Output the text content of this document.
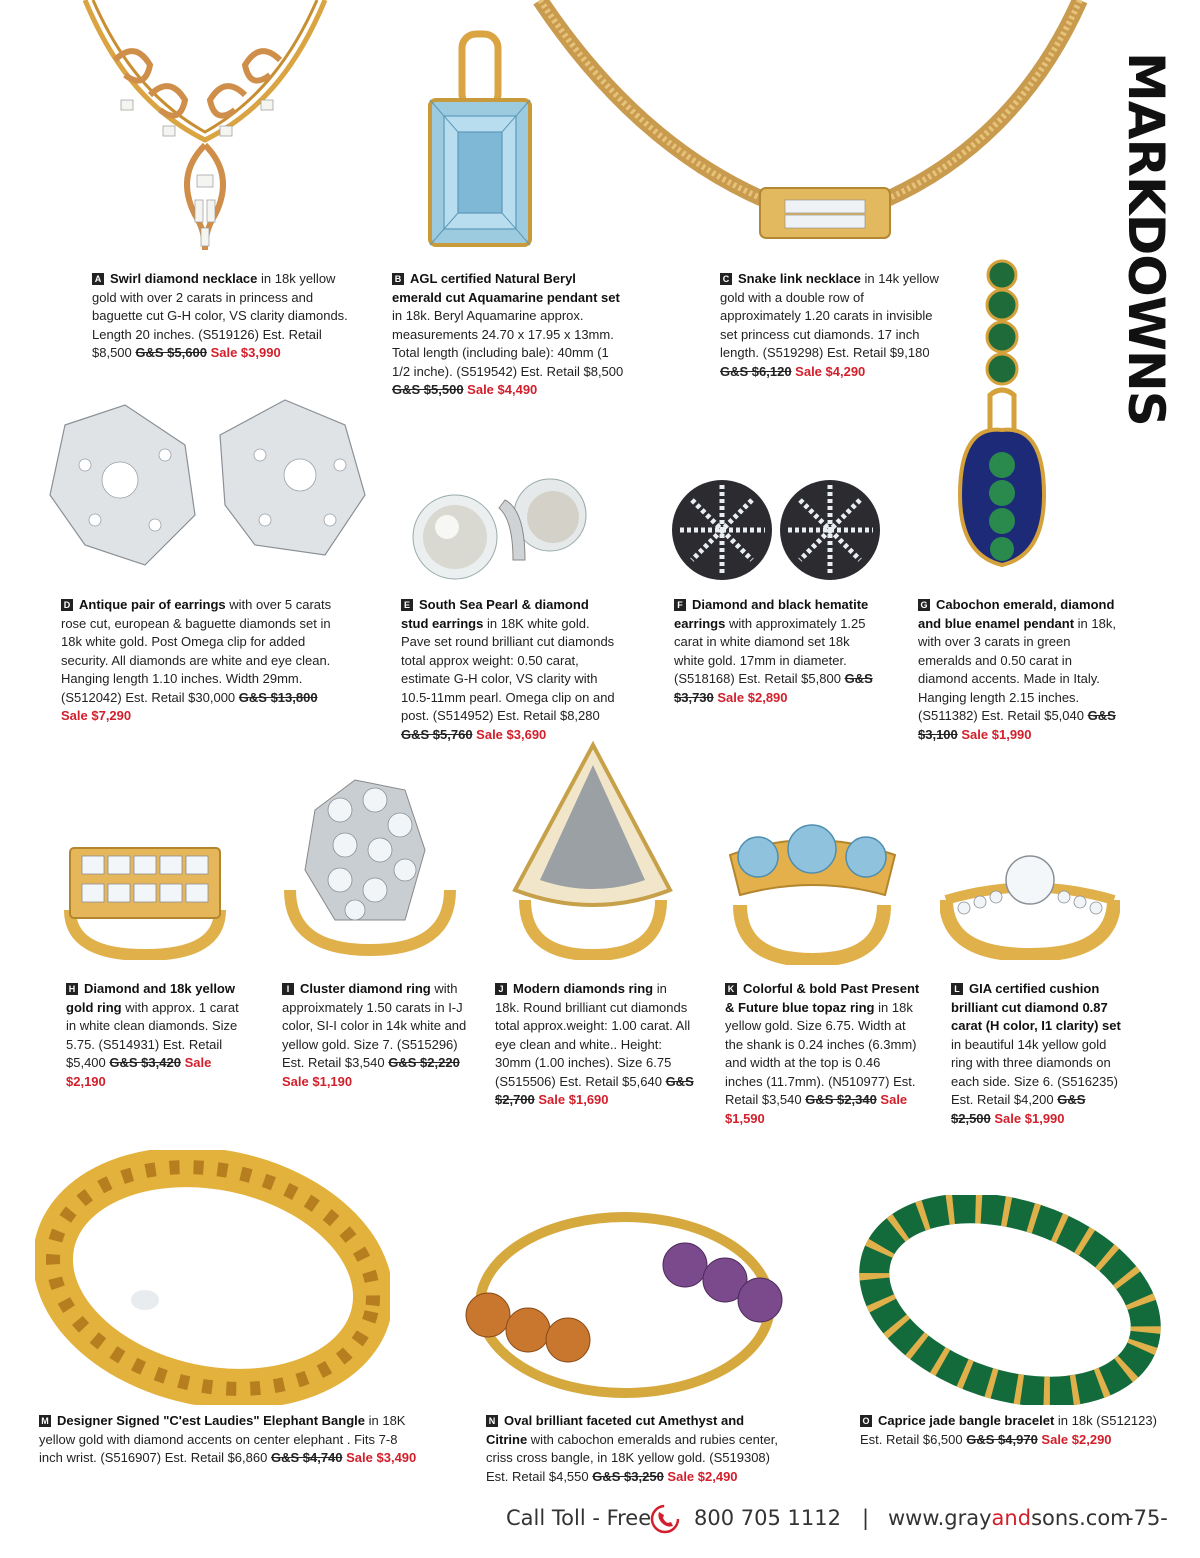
MARKDOWNS
A Swirl diamond necklace in 18k yellow gold with over 2 carats in princess and baguette cut G-H color, VS clarity diamonds. Length 20 inches. (S519126) Est. Retail $8,500 G&S $5,600 Sale $3,990
B AGL certified Natural Beryl emerald cut Aquamarine pendant set in 18k. Beryl Aquamarine approx. measurements 24.70 x 17.95 x 13mm. Total length (including bale): 40mm (1 1/2 inche). (S519542) Est. Retail $8,500 G&S $5,500 Sale $4,490
C Snake link necklace in 14k yellow gold with a double row of approximately 1.20 carats in invisible set princess cut diamonds. 17 inch length. (S519298) Est. Retail $9,180 G&S $6,120 Sale $4,290
D Antique pair of earrings with over 5 carats rose cut, european & baguette diamonds set in 18k white gold. Post Omega clip for added security. All diamonds are white and eye clean. Hanging length 1.10 inches. Width 29mm. (S512042) Est. Retail $30,000 G&S $13,800 Sale $7,290
E South Sea Pearl & diamond stud earrings in 18K white gold. Pave set round brilliant cut diamonds total approx weight: 0.50 carat, estimate G-H color, VS clarity with 10.5-11mm pearl. Omega clip on and post. (S514952) Est. Retail $8,280 G&S $5,760 Sale $3,690
F Diamond and black hematite earrings with approximately 1.25 carat in white diamond set 18k white gold. 17mm in diameter. (S518168) Est. Retail $5,800 G&S $3,730 Sale $2,890
G Cabochon emerald, diamond and blue enamel pendant in 18k, with over 3 carats in green emeralds and 0.50 carat in diamond accents. Made in Italy. Hanging length 2.15 inches. (S511382) Est. Retail $5,040 G&S $3,100 Sale $1,990
H Diamond and 18k yellow gold ring with approx. 1 carat in white clean diamonds. Size 5.75. (S514931) Est. Retail $5,400 G&S $3,420 Sale $2,190
I Cluster diamond ring with approixmately 1.50 carats in I-J color, SI-I color in 14k white and yellow gold. Size 7. (S515296) Est. Retail $3,540 G&S $2,220 Sale $1,190
J Modern diamonds ring in 18k. Round brilliant cut diamonds total approx.weight: 1.00 carat. All eye clean and white.. Height: 30mm (1.00 inches). Size 6.75 (S515506) Est. Retail $5,640 G&S $2,700 Sale $1,690
K Colorful & bold Past Present & Future blue topaz ring in 18k yellow gold. Size 6.75. Width at the shank is 0.24 inches (6.3mm) and width at the top is 0.46 inches (11.7mm). (N510977) Est. Retail $3,540 G&S $2,340 Sale $1,590
L GIA certified cushion brilliant cut diamond 0.87 carat (H color, I1 clarity) set in beautiful 14k yellow gold ring with three diamonds on each side. Size 6. (S516235) Est. Retail $4,200 G&S $2,500 Sale $1,990
M Designer Signed "C'est Laudies" Elephant Bangle in 18K yellow gold with diamond accents on center elephant . Fits 7-8 inch wrist. (S516907) Est. Retail $6,860 G&S $4,740 Sale $3,490
N Oval brilliant faceted cut Amethyst and Citrine with cabochon emeralds and rubies center, criss cross bangle, in 18K yellow gold. (S519308) Est. Retail $4,550 G&S $3,250 Sale $2,490
O Caprice jade bangle bracelet in 18k (S512123) Est. Retail $6,500 G&S $4,970 Sale $2,290
Call Toll - Free 800 705 1112 | www.grayandsons.com
-75-
